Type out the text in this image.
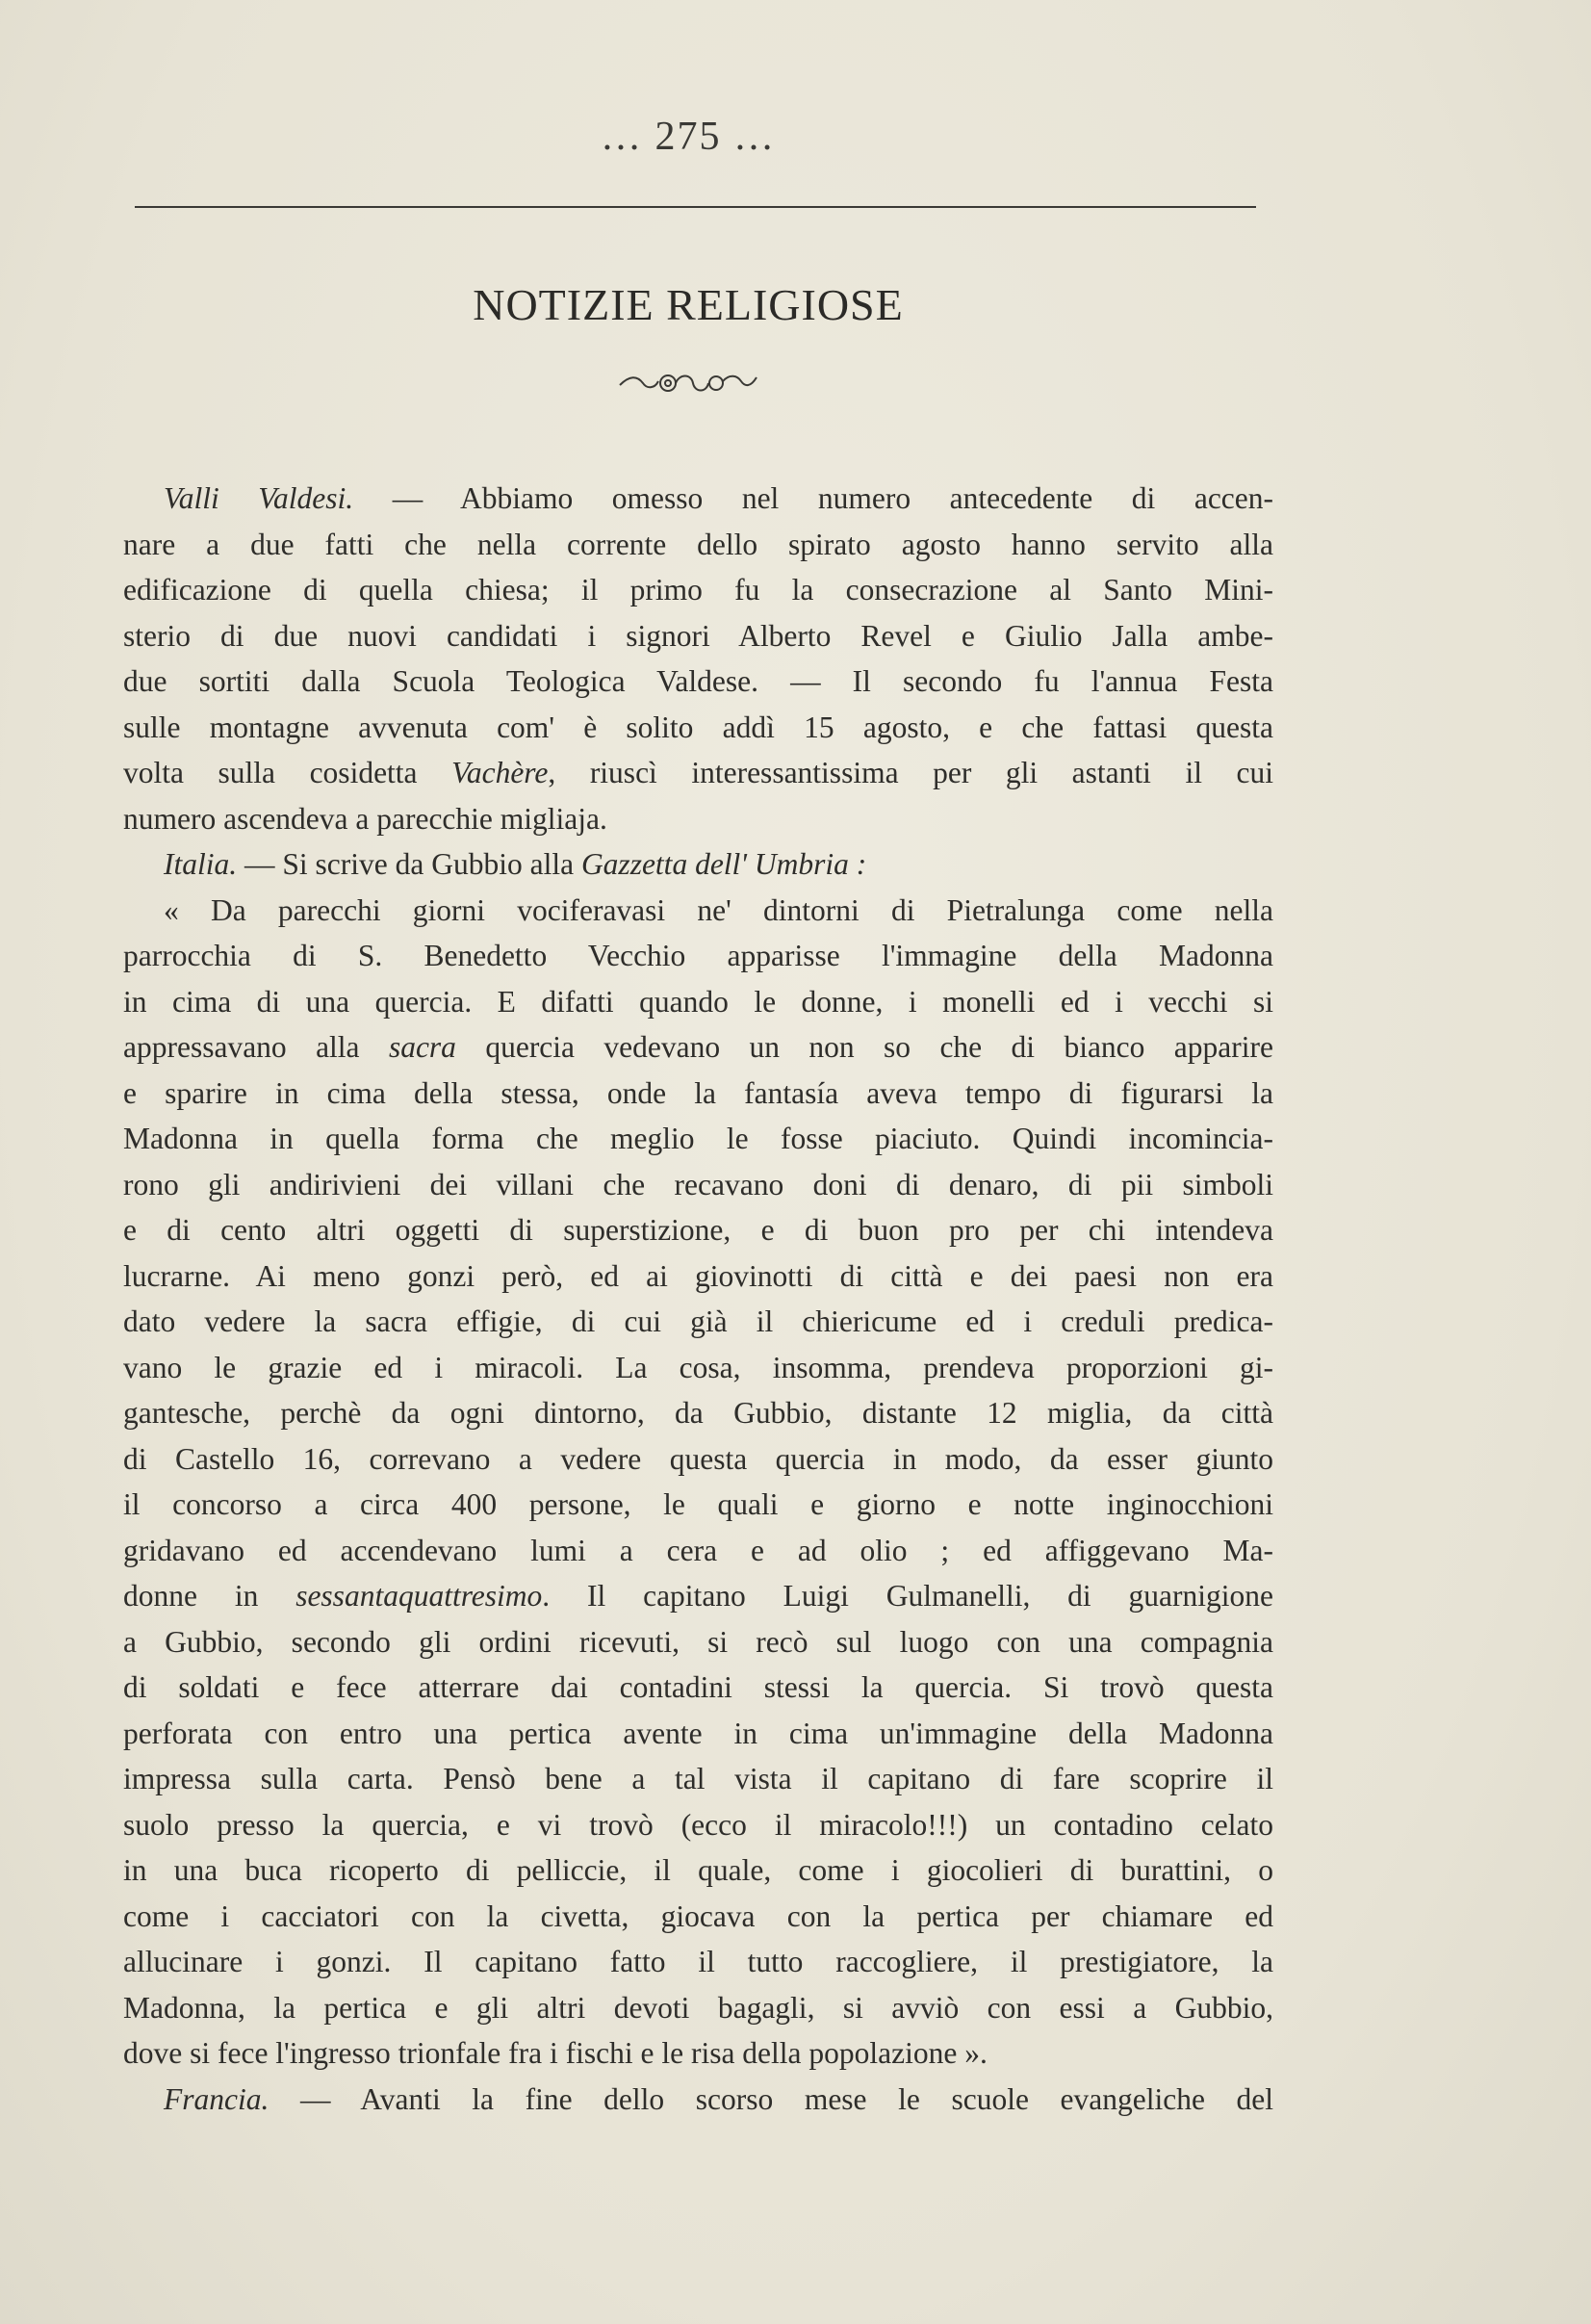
… 275 …
NOTIZIE RELIGIOSE
Valli Valdesi. — Abbiamo omesso nel numero antecedente di accen-
nare a due fatti che nella corrente dello spirato agosto hanno servito alla
edificazione di quella chiesa; il primo fu la consecrazione al Santo Mini-
sterio di due nuovi candidati i signori Alberto Revel e Giulio Jalla ambe-
due sortiti dalla Scuola Teologica Valdese. — Il secondo fu l'annua Festa
sulle montagne avvenuta com' è solito addì 15 agosto, e che fattasi questa
volta sulla cosidetta Vachère, riuscì interessantissima per gli astanti il cui
numero ascendeva a parecchie migliaja.
Italia. — Si scrive da Gubbio alla Gazzetta dell' Umbria :
« Da parecchi giorni vociferavasi ne' dintorni di Pietralunga come nella
parrocchia di S. Benedetto Vecchio apparisse l'immagine della Madonna
in cima di una quercia. E difatti quando le donne, i monelli ed i vecchi si
appressavano alla sacra quercia vedevano un non so che di bianco apparire
e sparire in cima della stessa, onde la fantasía aveva tempo di figurarsi la
Madonna in quella forma che meglio le fosse piaciuto. Quindi incomincia-
rono gli andirivieni dei villani che recavano doni di denaro, di pii simboli
e di cento altri oggetti di superstizione, e di buon pro per chi intendeva
lucrarne. Ai meno gonzi però, ed ai giovinotti di città e dei paesi non era
dato vedere la sacra effigie, di cui già il chiericume ed i creduli predica-
vano le grazie ed i miracoli. La cosa, insomma, prendeva proporzioni gi-
gantesche, perchè da ogni dintorno, da Gubbio, distante 12 miglia, da città
di Castello 16, correvano a vedere questa quercia in modo, da esser giunto
il concorso a circa 400 persone, le quali e giorno e notte inginocchioni
gridavano ed accendevano lumi a cera e ad olio ; ed affiggevano Ma-
donne in sessantaquattresimo. Il capitano Luigi Gulmanelli, di guarnigione
a Gubbio, secondo gli ordini ricevuti, si recò sul luogo con una compagnia
di soldati e fece atterrare dai contadini stessi la quercia. Si trovò questa
perforata con entro una pertica avente in cima un'immagine della Madonna
impressa sulla carta. Pensò bene a tal vista il capitano di fare scoprire il
suolo presso la quercia, e vi trovò (ecco il miracolo!!!) un contadino celato
in una buca ricoperto di pelliccie, il quale, come i giocolieri di burattini, o
come i cacciatori con la civetta, giocava con la pertica per chiamare ed
allucinare i gonzi. Il capitano fatto il tutto raccogliere, il prestigiatore, la
Madonna, la pertica e gli altri devoti bagagli, si avviò con essi a Gubbio,
dove si fece l'ingresso trionfale fra i fischi e le risa della popolazione ».
Francia. — Avanti la fine dello scorso mese le scuole evangeliche del
